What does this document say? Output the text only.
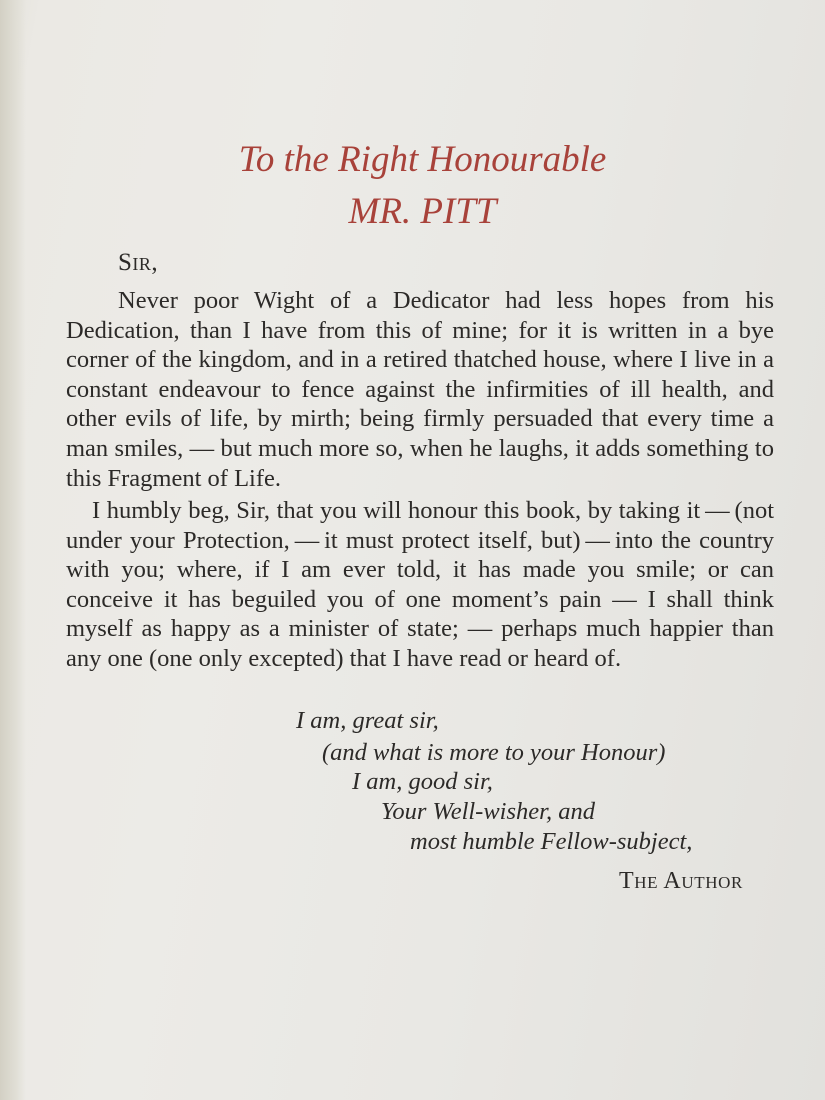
To the Right Honourable
MR. PITT
Sir,
Never poor Wight of a Dedicator had less hopes from his Dedication, than I have from this of mine; for it is written in a bye corner of the kingdom, and in a retired thatched house, where I live in a constant endeavour to fence against the infirmities of ill health, and other evils of life, by mirth; being firmly persuaded that every time a man smiles, — but much more so, when he laughs, it adds something to this Fragment of Life.
I humbly beg, Sir, that you will honour this book, by taking it — (not under your Protection, — it must protect itself, but) — into the country with you; where, if I am ever told, it has made you smile; or can conceive it has beguiled you of one moment’s pain — I shall think myself as happy as a minister of state; — perhaps much happier than any one (one only excepted) that I have read or heard of.
I am, great sir,
(and what is more to your Honour)
I am, good sir,
Your Well-wisher, and
most humble Fellow-subject,
The Author
